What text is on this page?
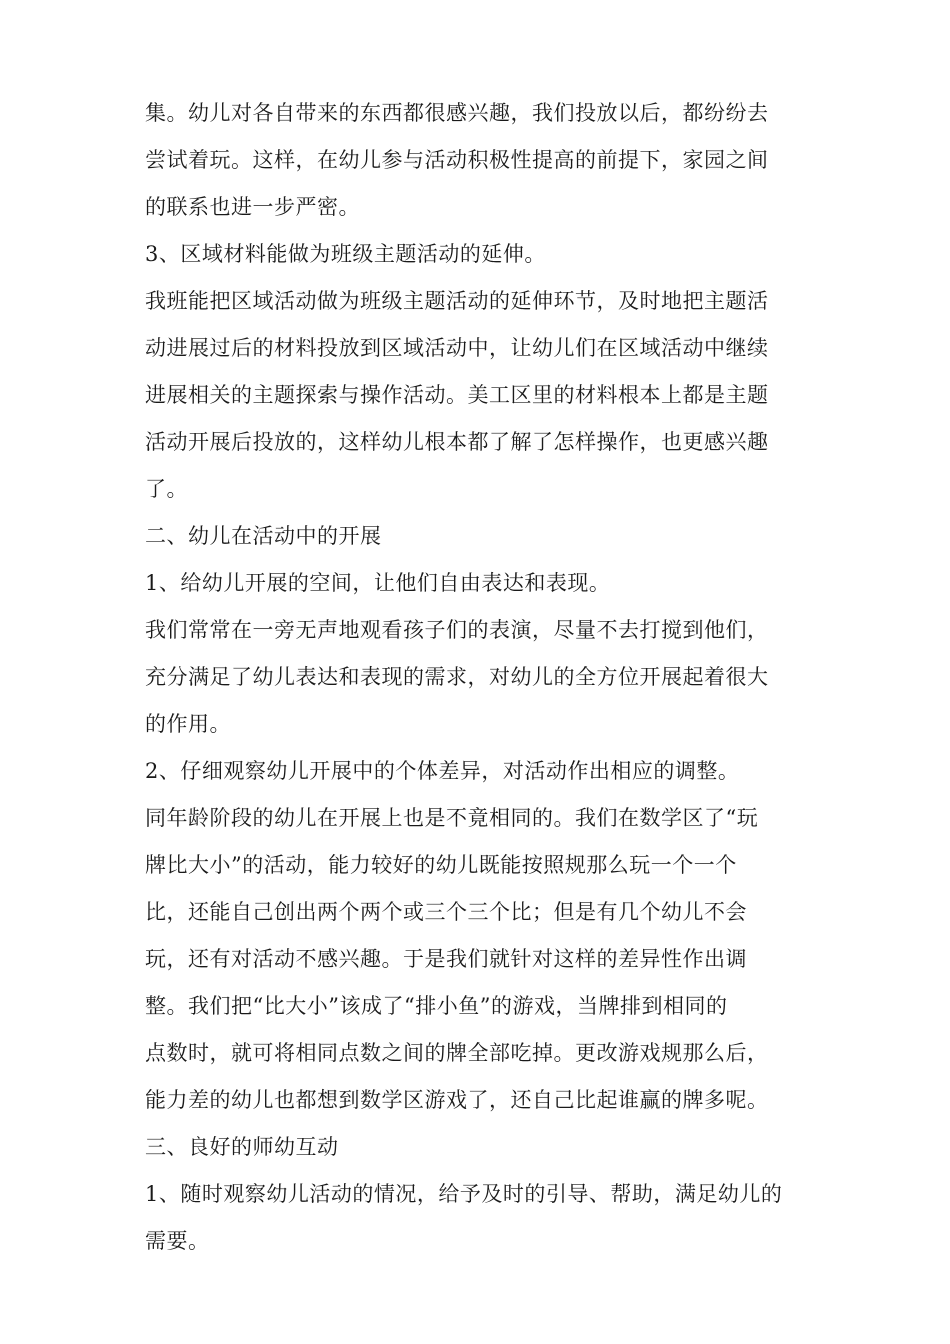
集。幼儿对各自带来的东西都很感兴趣，我们投放以后，都纷纷去
尝试着玩。这样，在幼儿参与活动积极性提高的前提下，家园之间
的联系也进一步严密。
3、区域材料能做为班级主题活动的延伸。
我班能把区域活动做为班级主题活动的延伸环节，及时地把主题活
动进展过后的材料投放到区域活动中，让幼儿们在区域活动中继续
进展相关的主题探索与操作活动。美工区里的材料根本上都是主题
活动开展后投放的，这样幼儿根本都了解了怎样操作，也更感兴趣
了。
二、幼儿在活动中的开展
1、给幼儿开展的空间，让他们自由表达和表现。
我们常常在一旁无声地观看孩子们的表演，尽量不去打搅到他们，
充分满足了幼儿表达和表现的需求，对幼儿的全方位开展起着很大
的作用。
2、仔细观察幼儿开展中的个体差异，对活动作出相应的调整。
同年龄阶段的幼儿在开展上也是不竟相同的。我们在数学区了“玩
牌比大小”的活动，能力较好的幼儿既能按照规那么玩一个一个
比，还能自己创出两个两个或三个三个比；但是有几个幼儿不会
玩，还有对活动不感兴趣。于是我们就针对这样的差异性作出调
整。我们把“比大小”该成了“排小鱼”的游戏，当牌排到相同的
点数时，就可将相同点数之间的牌全部吃掉。更改游戏规那么后，
能力差的幼儿也都想到数学区游戏了，还自己比起谁赢的牌多呢。
三、良好的师幼互动
1、随时观察幼儿活动的情况，给予及时的引导、帮助，满足幼儿的
需要。
